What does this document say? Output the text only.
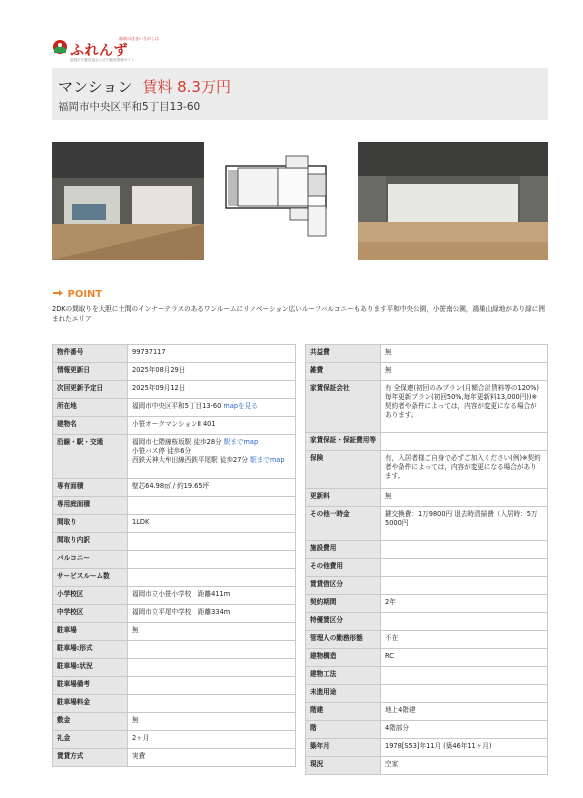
福岡の住まいさがしは
ふれんず
福岡市不動産協会公式不動産情報サイト
マンション 賃料 8.3万円
福岡市中央区平和5丁目13-60
POINT
2DKの間取りを大胆に土間のインナーテラスのあるワンルームにリノベーション広いルーフバルコニーもあります平和中央公園，小笹南公園，鴻巣山緑地があり緑に囲まれたエリア
物件番号	99737117
情報更新日	2025年08月29日
次回更新予定日	2025年09月12日
所在地	福岡市中央区平和5丁目13-60 mapを見る
建物名	小笹オークマンションⅡ 401
沿線・駅・交通	福岡市七隈線桜坂駅 徒歩28分 駅までmap
小笹バス停 徒歩6分
西鉄天神大牟田線西鉄平尾駅 徒歩27分 駅までmap

専有面積	壁芯64.98㎡ / 約19.65坪
専用庭面積	
間取り	1LDK
間取り内訳	
バルコニー	
サービスルーム数	
小学校区	福岡市立小笹小学校　距離411m
中学校区	福岡市立平尾中学校　距離334m
駐車場	無
駐車場:形式	
駐車場:状況	
駐車場備考	
駐車場料金	
敷金	無
礼金	2ヶ月
賃貸方式	実費
共益費	無
雑費	無
家賃保証会社	有 全保連(初回のみプラン(月額合計賃料等の120%)毎年更新プラン(初回50%,毎年更新料13,000円))※契約者や条件によっては，内容が変更になる場合があります。
家賃保証・保証費用等	
保険	有，入居者様ご自身で必ずご加入ください(例)※契約者や条件によっては，内容が変更になる場合があります。
更新料	無
その他一時金	鍵交換費：1万9800円 退去時清掃費（入居時：5万5000円
施設費用	
その他費用	
賃貸借区分	
契約期間	2年
特優賃区分	
管理人の勤務形態	不在
建物構造	RC
建物工法	
未進用途	
階建	地上4階建
階	4階部分
築年月	1978[S53]年11月 (築46年11ヶ月)
現況	空家
